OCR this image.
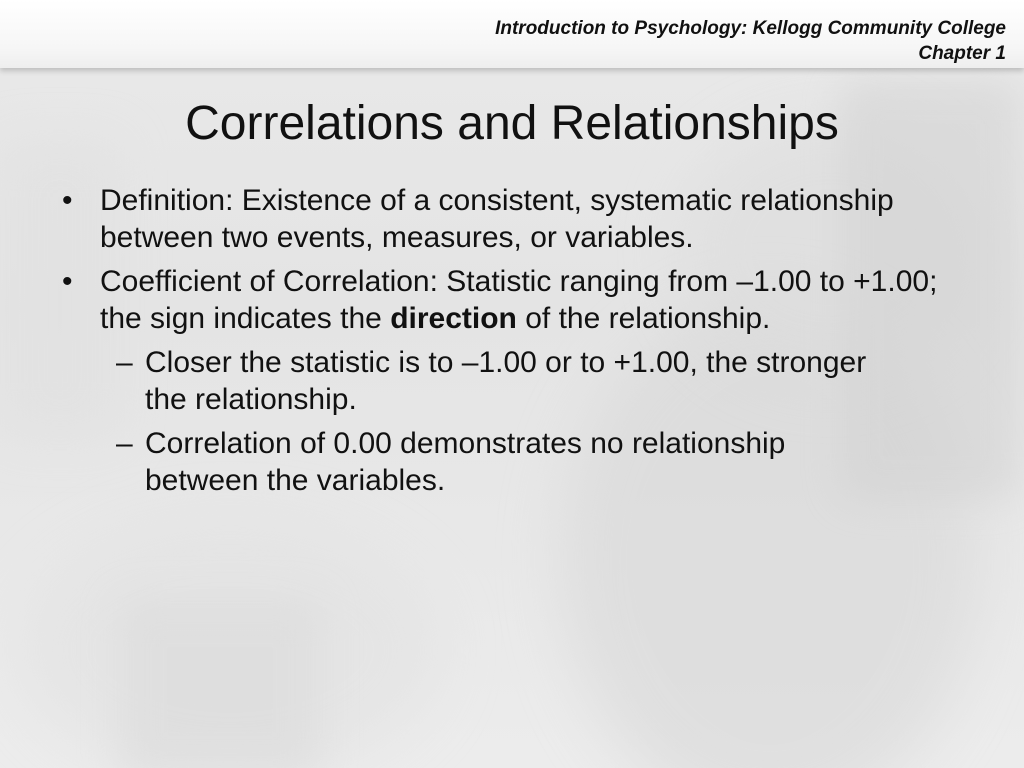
Introduction to Psychology: Kellogg Community College
Chapter 1
Correlations and Relationships
• Definition: Existence of a consistent, systematic relationship between two events, measures, or variables.
• Coefficient of Correlation: Statistic ranging from –1.00 to +1.00; the sign indicates the direction of the relationship.
– Closer the statistic is to –1.00 or to +1.00, the stronger the relationship.
– Correlation of 0.00 demonstrates no relationship between the variables.
